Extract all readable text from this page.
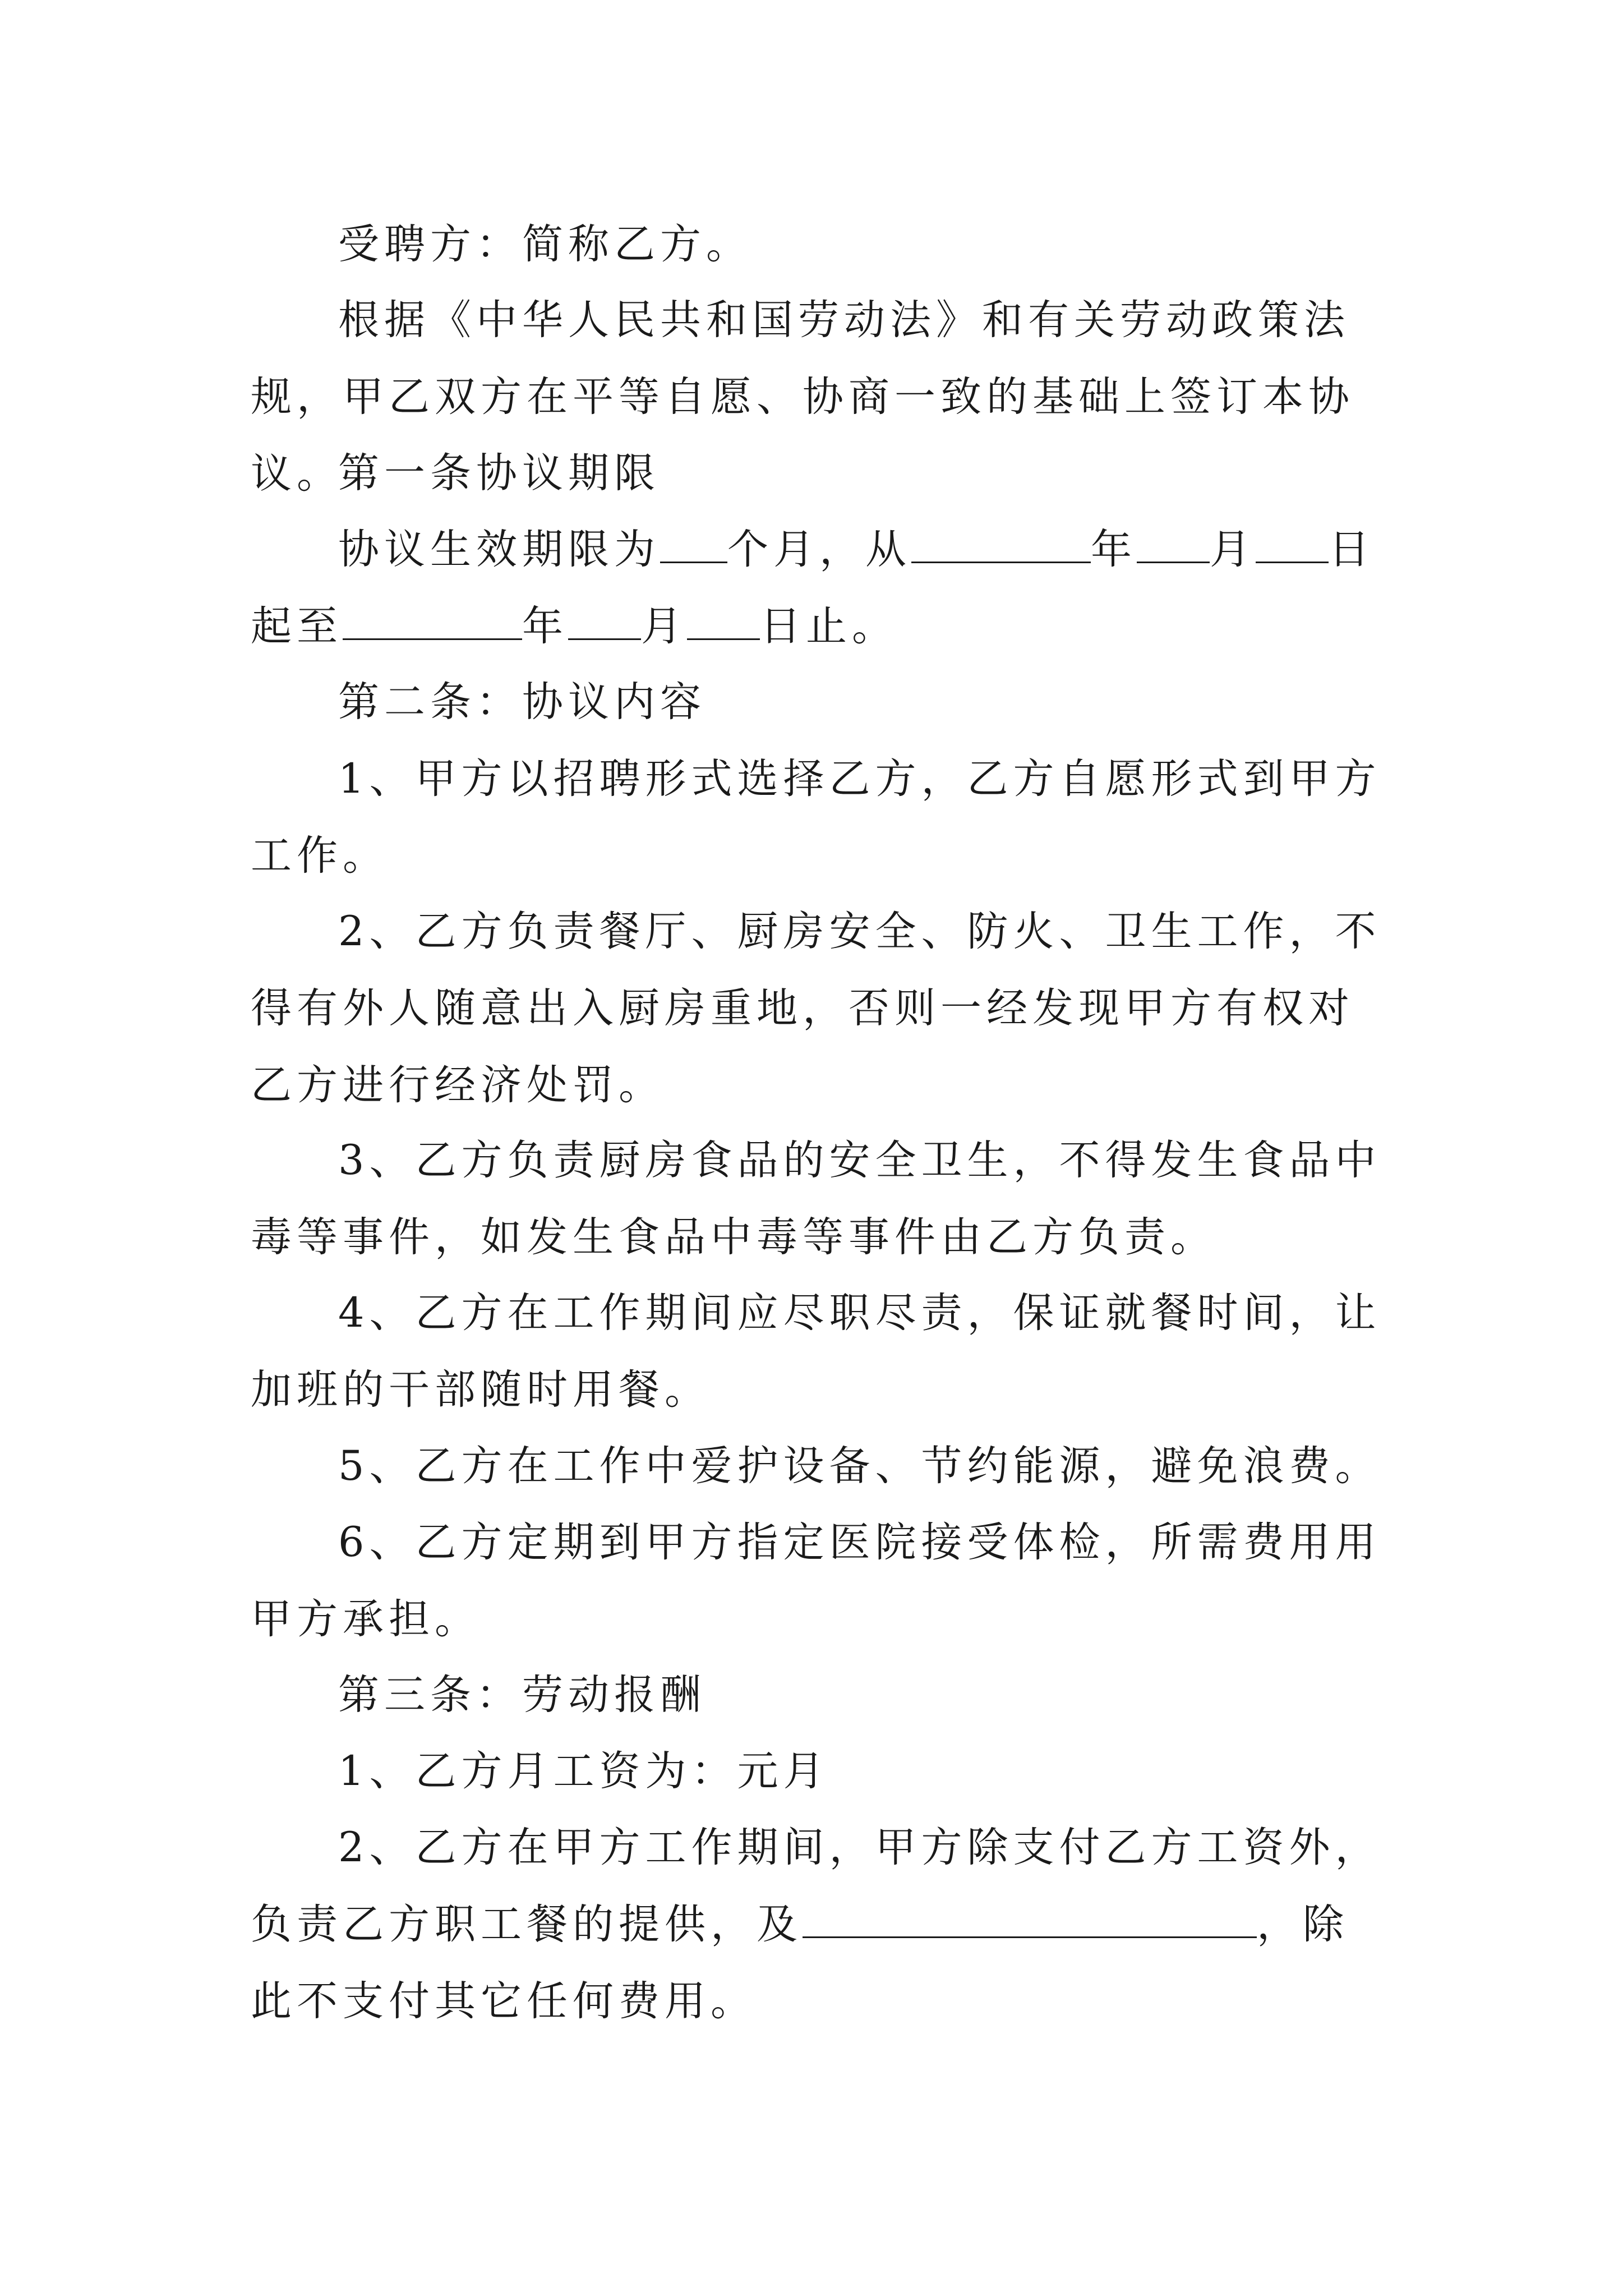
受聘方：简称乙方。

根据《中华人民共和国劳动法》和有关劳动政策法规，甲乙双方在平等自愿、协商一致的基础上签订本协议。

第一条协议期限

协议生效期限为 个月，从	年 月 日起至	年 月 日止。

第二条：协议内容

1、甲方以招聘形式选择乙方，乙方自愿形式到甲方工作。

2、乙方负责餐厅、厨房安全、防火、卫生工作，不得有外人随意出入厨房重地，否则一经发现甲方有权对乙方进行经济处罚。

3、乙方负责厨房食品的安全卫生，不得发生食品中毒等事件，如发生食品中毒等事件由乙方负责。

4、乙方在工作期间应尽职尽责，保证就餐时间，让加班的干部随时用餐。

5、乙方在工作中爱护设备、节约能源，避免浪费。

6、乙方定期到甲方指定医院接受体检，所需费用用甲方承担。

第三条：劳动报酬

1、乙方月工资为：元月

2、乙方在甲方工作期间，甲方除支付乙方工资外，负责乙方职工餐的提供，及	，除此不支付其它任何费用。
